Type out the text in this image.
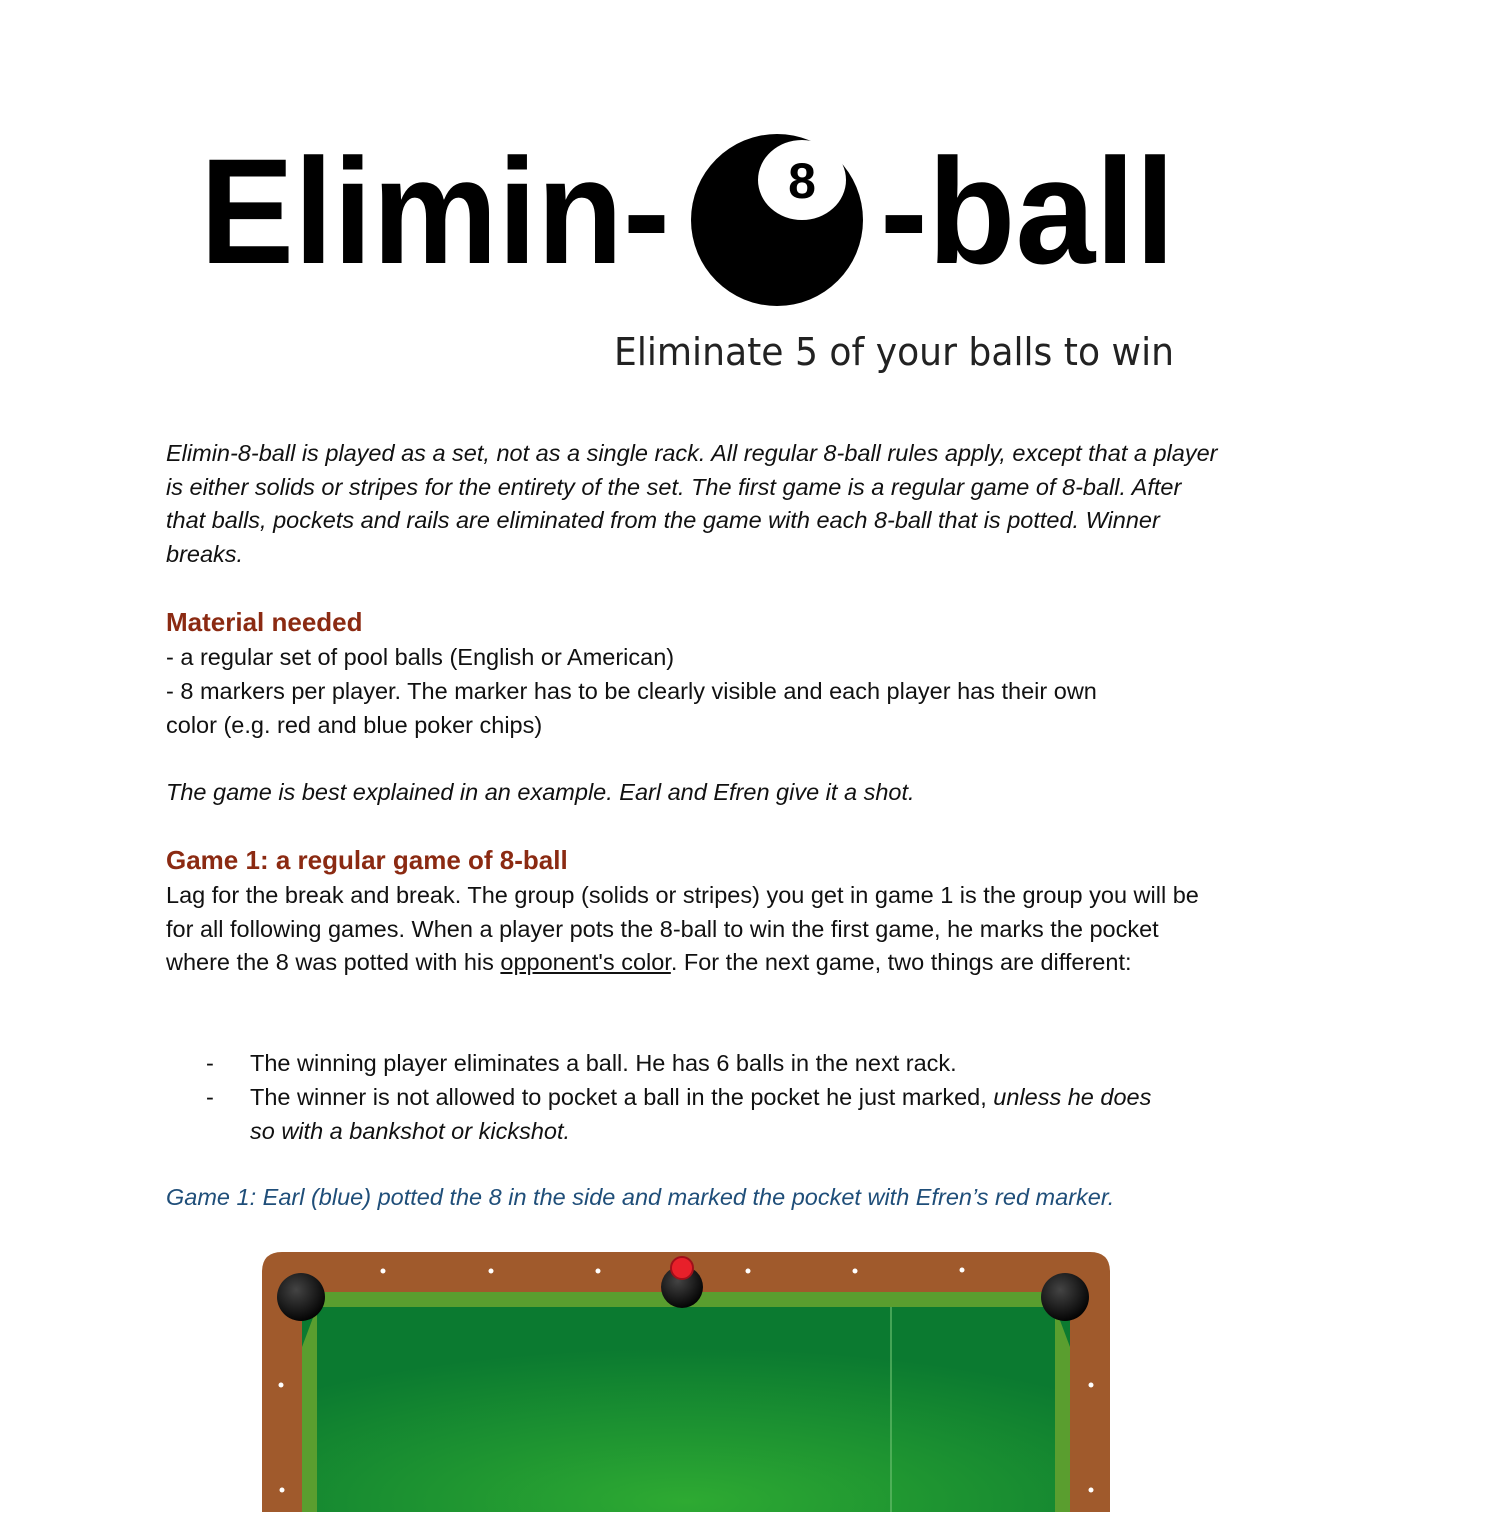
Elimin- 8 -ball
Eliminate 5 of your balls to win

Elimin-8-ball is played as a set, not as a single rack. All regular 8-ball rules apply, except that a player is either solids or stripes for the entirety of the set. The first game is a regular game of 8-ball. After that balls, pockets and rails are eliminated from the game with each 8-ball that is potted. Winner breaks.

Material needed

- a regular set of pool balls (English or American)

- 8 markers per player. The marker has to be clearly visible and each player has their own color (e.g. red and blue poker chips)

The game is best explained in an example. Earl and Efren give it a shot.

Game 1: a regular game of 8-ball

Lag for the break and break. The group (solids or stripes) you get in game 1 is the group you will be for all following games. When a player pots the 8-ball to win the first game, he marks the pocket where the 8 was potted with his opponent's color. For the next game, two things are different:

- The winning player eliminates a ball. He has 6 balls in the next rack.
- The winner is not allowed to pocket a ball in the pocket he just marked, unless he does so with a bankshot or kickshot.

Game 1: Earl (blue) potted the 8 in the side and marked the pocket with Efren’s red marker.
